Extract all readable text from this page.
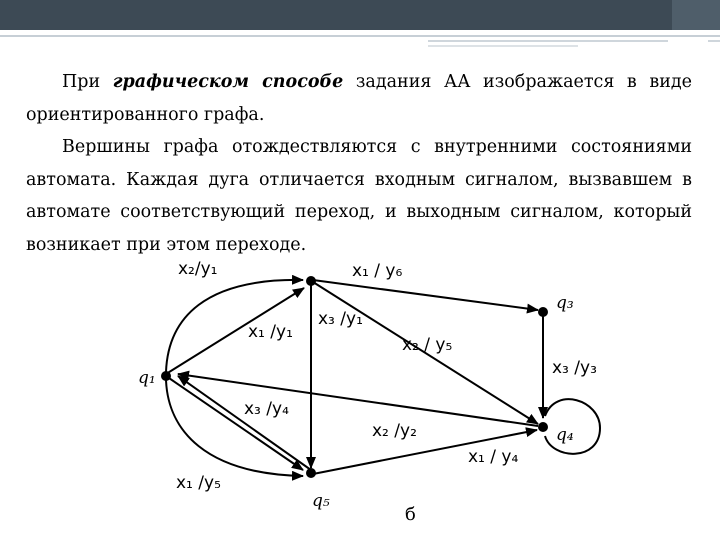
При графическом способе задания АА изображается в виде ориентированного графа.

Вершины графа отождествляются с внутренними состояниями автомата. Каждая дуга отличается входным сигналом, вызвавшем в автомате соответствующий переход, и выходным сигналом, который возникает при этом переходе.

q₁
q₃
q₄
q₅
x₂/y₁	x₁ / y₆
x₃ /y₁
x₁ /y₁
x₂ / y₅
x₃ /y₃
x₃ /y₄
x₂ /y₂
x₁ / y₄
x₁ /y₅
б
